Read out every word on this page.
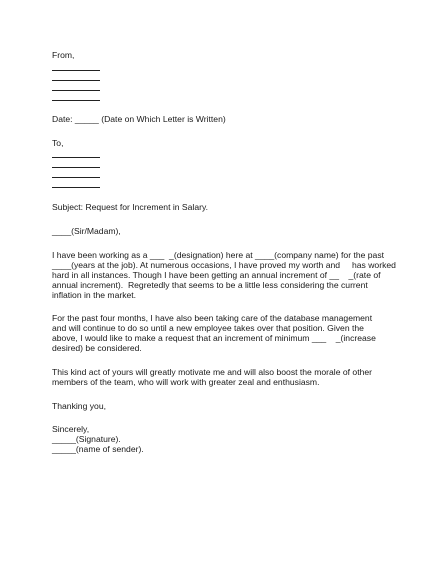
From,
Date: _____ (Date on Which Letter is Written)
To,
Subject: Request for Increment in Salary.
____(Sir/Madam),
I have been working as a ___  _(designation) here at ____(company name) for the past
____(years at the job). At numerous occasions, I have proved my worth and     has worked
hard in all instances. Though I have been getting an annual increment of __    _(rate of
annual increment).  Regretedly that seems to be a little less considering the current
inflation in the market.
For the past four months, I have also been taking care of the database management
and will continue to do so until a new employee takes over that position. Given the
above, I would like to make a request that an increment of minimum ___    _(increase
desired) be considered.
This kind act of yours will greatly motivate me and will also boost the morale of other
members of the team, who will work with greater zeal and enthusiasm.
Thanking you,
Sincerely,
_____(Signature).
_____(name of sender).
